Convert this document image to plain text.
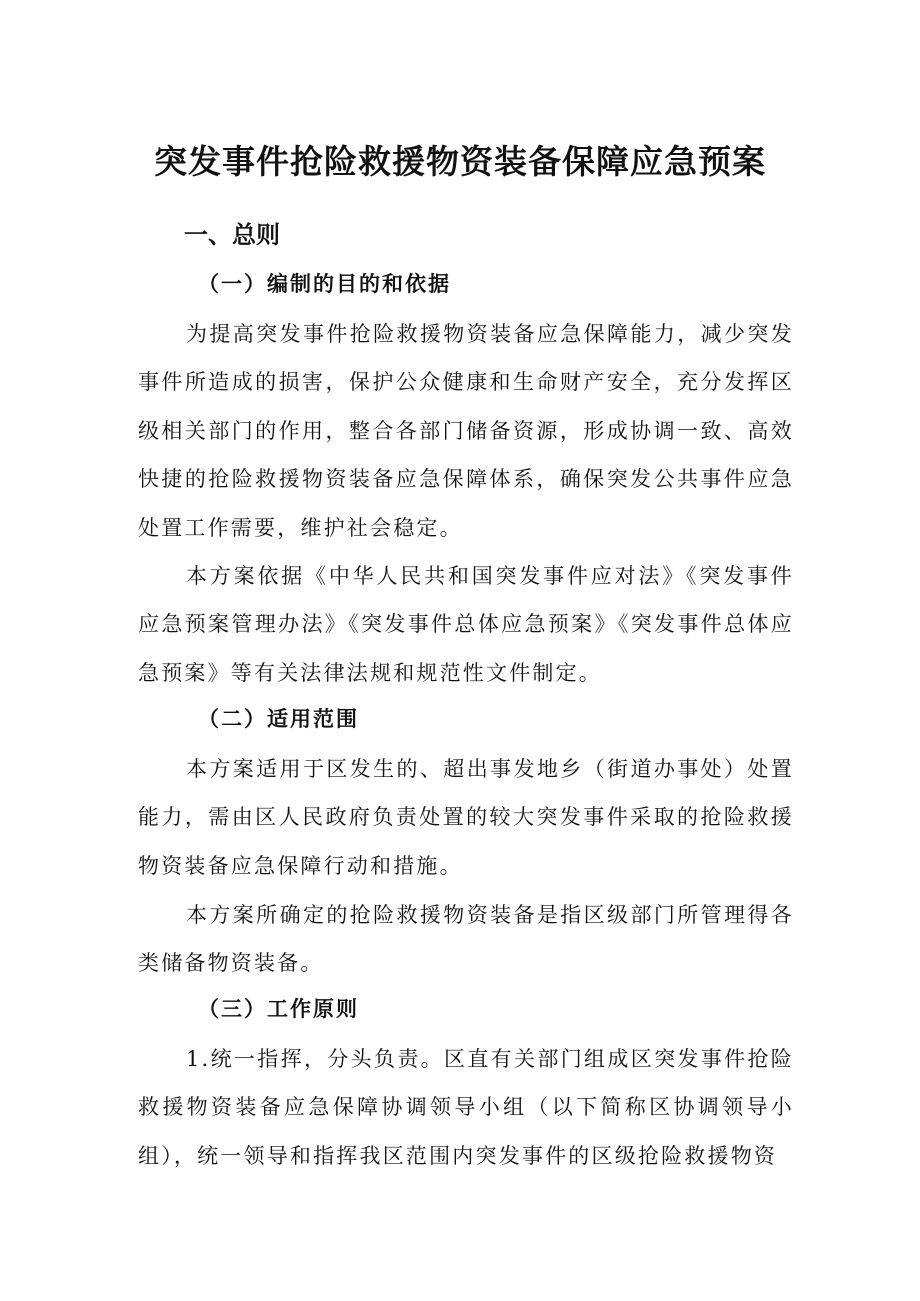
突发事件抢险救援物资装备保障应急预案
一、总则
（一）编制的目的和依据

为提高突发事件抢险救援物资装备应急保障能力，减少突发事件所造成的损害，保护公众健康和生命财产安全，充分发挥区级相关部门的作用，整合各部门储备资源，形成协调一致、高效快捷的抢险救援物资装备应急保障体系，确保突发公共事件应急处置工作需要，维护社会稳定。

本方案依据《中华人民共和国突发事件应对法》《突发事件应急预案管理办法》《突发事件总体应急预案》《突发事件总体应急预案》等有关法律法规和规范性文件制定。

（二）适用范围

本方案适用于区发生的、超出事发地乡（街道办事处）处置能力，需由区人民政府负责处置的较大突发事件采取的抢险救援物资装备应急保障行动和措施。

本方案所确定的抢险救援物资装备是指区级部门所管理得各类储备物资装备。

（三）工作原则

1.统一指挥，分头负责。区直有关部门组成区突发事件抢险救援物资装备应急保障协调领导小组（以下简称区协调领导小组），统一领导和指挥我区范围内突发事件的区级抢险救援物资
